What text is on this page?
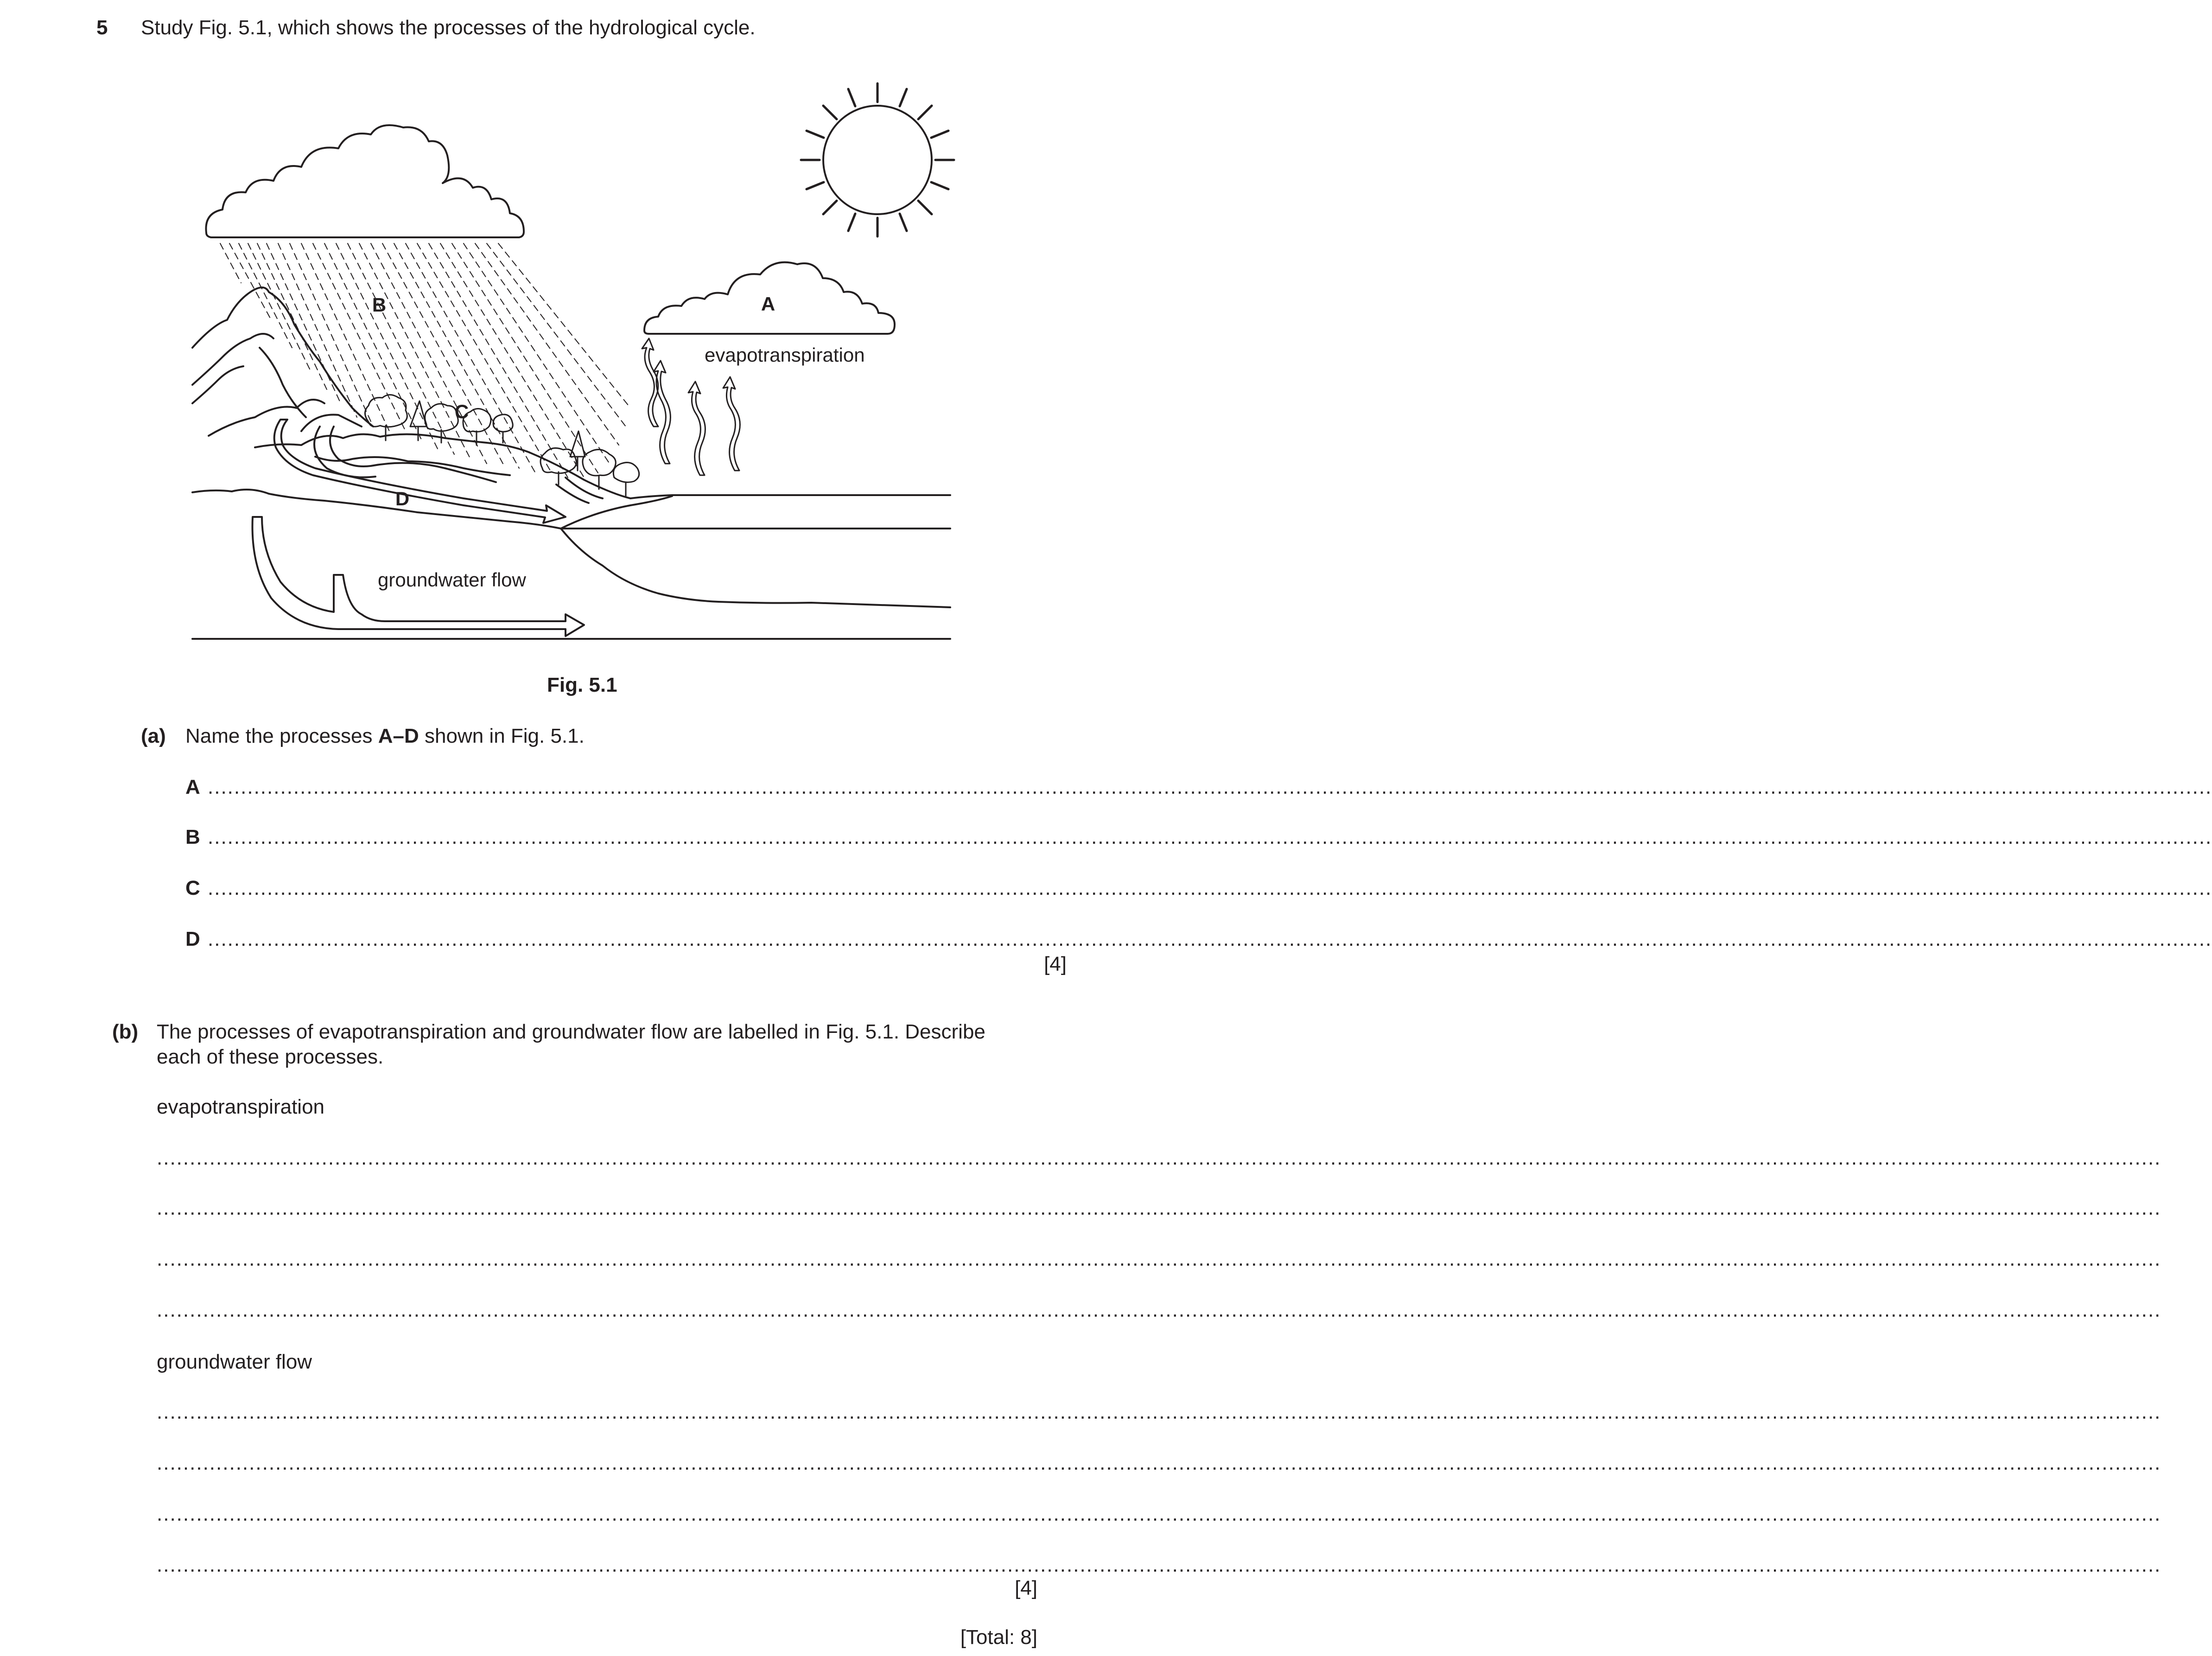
5 Study Fig. 5.1, which shows the processes of the hydrological cycle.
B	A
C
D
evapotranspiration
groundwater flow
Fig. 5.1
(a) Name the processes A–D shown in Fig. 5.1.
A ................................................................................................................................................................................................................................................................................................................
B ................................................................................................................................................................................................................................................................................................................
C ................................................................................................................................................................................................................................................................................................................
D ................................................................................................................................................................................................................................................................................................................
[4]
(b) The processes of evapotranspiration and groundwater flow are labelled in Fig. 5.1. Describe
each of these processes.
evapotranspiration
................................................................................................................................................................................................................................................................................................................
................................................................................................................................................................................................................................................................................................................
................................................................................................................................................................................................................................................................................................................
................................................................................................................................................................................................................................................................................................................
groundwater flow
................................................................................................................................................................................................................................................................................................................
................................................................................................................................................................................................................................................................................................................
................................................................................................................................................................................................................................................................................................................
................................................................................................................................................................................................................................................................................................................
[4]
[Total: 8]
